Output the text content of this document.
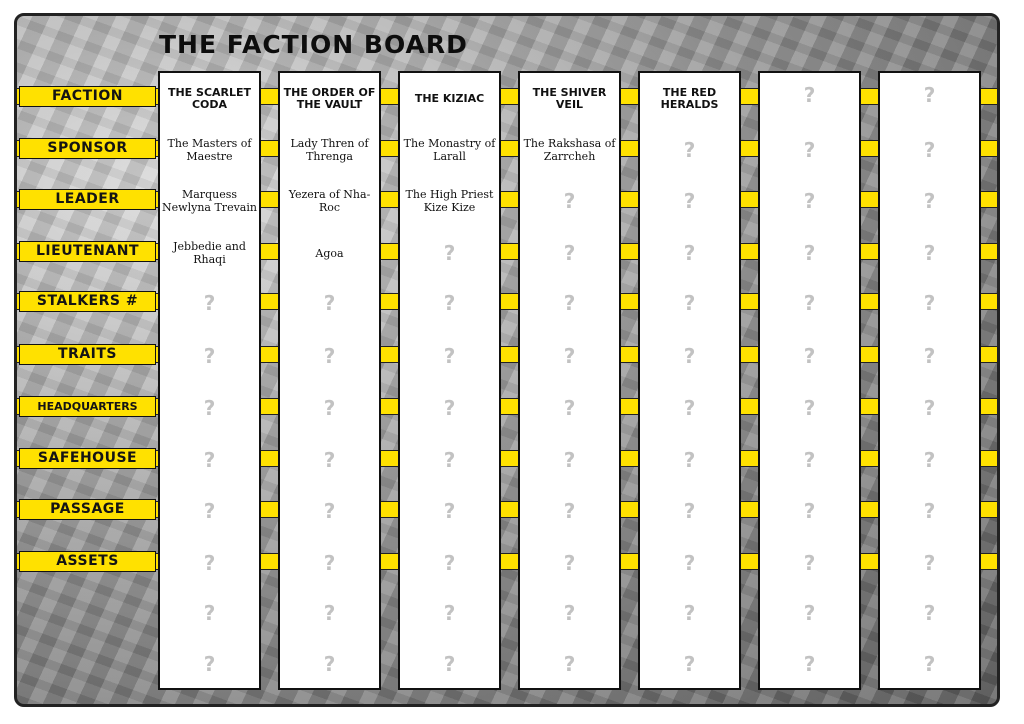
THE FACTION BOARD
FACTION
SPONSOR
LEADER
LIEUTENANT
STALKERS #
TRAITS
HEADQUARTERS
SAFEHOUSE
PASSAGE
ASSETS
THE SCARLET CODA
The Masters of Maestre
Marquess Newlyna Trevain
Jebbedie and Rhaqi
?
?
?
?
?
?
?
?
THE ORDER OF THE VAULT
Lady Thren of Threnga
Yezera of Nha-Roc
Agoa
?
?
?
?
?
?
?
?
THE KIZIAC
The Monastry of Larall
The High Priest Kize Kize
?
?
?
?
?
?
?
?
?
THE SHIVER VEIL
The Rakshasa of Zarrcheh
?
?
?
?
?
?
?
?
?
?
THE RED HERALDS
?
?
?
?
?
?
?
?
?
?
?
?
?
?
?
?
?
?
?
?
?
?
?
?
?
?
?
?
?
?
?
?
?
?
?
